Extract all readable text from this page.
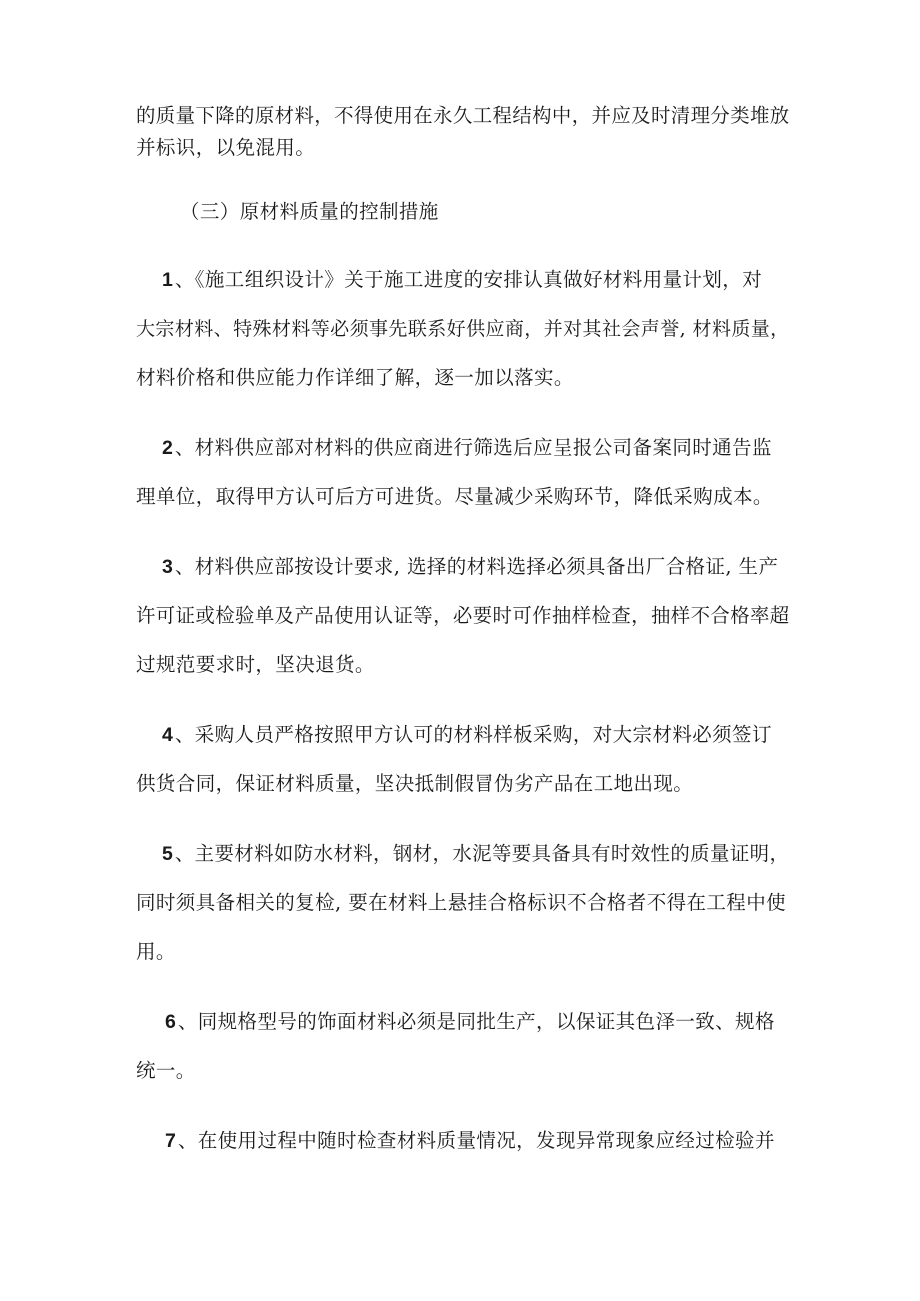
的质量下降的原材料，不得使用在永久工程结构中，并应及时清理分类堆放
并标识，以免混用。
（三）原材料质量的控制措施
1 、《施工组织设计》关于施工进度的安排认真做好材料用量计划，对
大宗材料、特殊材料等必须事先联系好供应商，并对其社会声誉, 材料质量，
材料价格和供应能力作详细了解，逐一加以落实。
2 、材料供应部对材料的供应商进行筛选后应呈报公司备案同时通告监
理单位，取得甲方认可后方可进货。尽量减少采购环节，降低采购成本。
3 、材料供应部按设计要求, 选择的材料选择必须具备出厂合格证, 生产
许可证或检验单及产品使用认证等，必要时可作抽样检查，抽样不合格率超
过规范要求时，坚决退货。
4 、采购人员严格按照甲方认可的材料样板采购，对大宗材料必须签订
供货合同，保证材料质量，坚决抵制假冒伪劣产品在工地出现。
5 、主要材料如防水材料，钢材，水泥等要具备具有时效性的质量证明，
同时须具备相关的复检, 要在材料上悬挂合格标识不合格者不得在工程中使
用。
6 、同规格型号的饰面材料必须是同批生产，以保证其色泽一致、规格
统一。
7 、在使用过程中随时检查材料质量情况，发现异常现象应经过检验并
